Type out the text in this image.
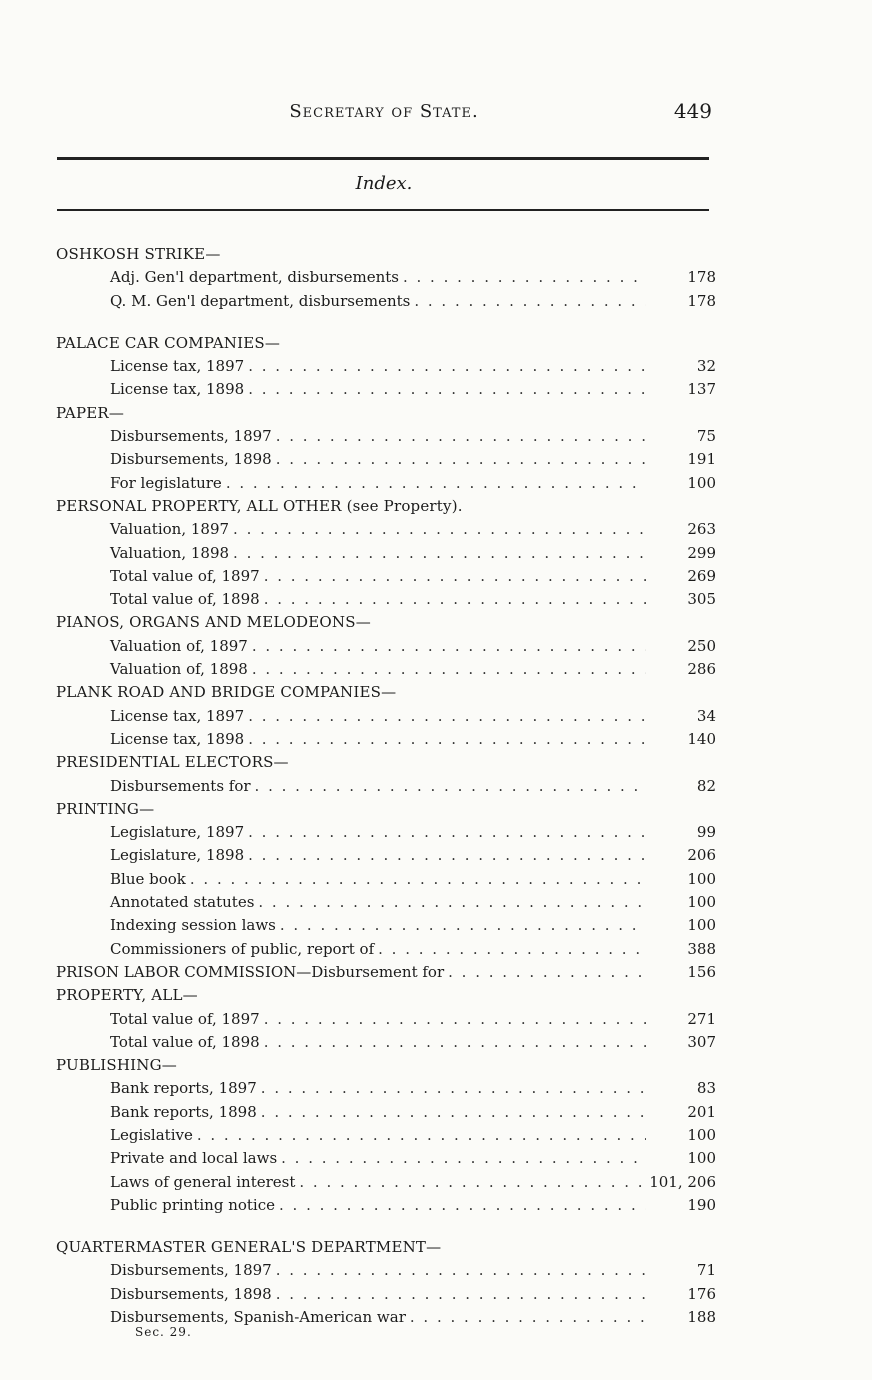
Secretary of State.	449
Index.
OSHKOSH STRIKE—
Adj. Gen'l department, disbursements . . .	178
Q. M. Gen'l department, disbursements . . .	178
PALACE CAR COMPANIES—
License tax, 1897 . . .	32
License tax, 1898 . . .	137
PAPER—
Disbursements, 1897 . . .	75
Disbursements, 1898 . . .	191
For legislature . . .	100
PERSONAL PROPERTY, ALL OTHER (see Property).
Valuation, 1897 . . .	263
Valuation, 1898 . . .	299
Total value of, 1897 . . .	269
Total value of, 1898 . . .	305
PIANOS, ORGANS AND MELODEONS—
Valuation of, 1897 . . .	250
Valuation of, 1898 . . .	286
PLANK ROAD AND BRIDGE COMPANIES—
License tax, 1897 . . .	34
License tax, 1898 . . .	140
PRESIDENTIAL ELECTORS—
Disbursements for . . .	82
PRINTING—
Legislature, 1897 . . .	99
Legislature, 1898 . . .	206
Blue book . . .	100
Annotated statutes . . .	100
Indexing session laws . . .	100
Commissioners of public, report of . . .	388
PRISON LABOR COMMISSION—Disbursement for . . .	156
PROPERTY, ALL—
Total value of, 1897 . . .	271
Total value of, 1898 . . .	307
PUBLISHING—
Bank reports, 1897 . . .	83
Bank reports, 1898 . . .	201
Legislative . . .	100
Private and local laws . . .	100
Laws of general interest . . .	101, 206
Public printing notice . . .	190
QUARTERMASTER GENERAL'S DEPARTMENT—
Disbursements, 1897 . . .	71
Disbursements, 1898 . . .	176
Disbursements, Spanish-American war . . .	188
Sec. 29.
